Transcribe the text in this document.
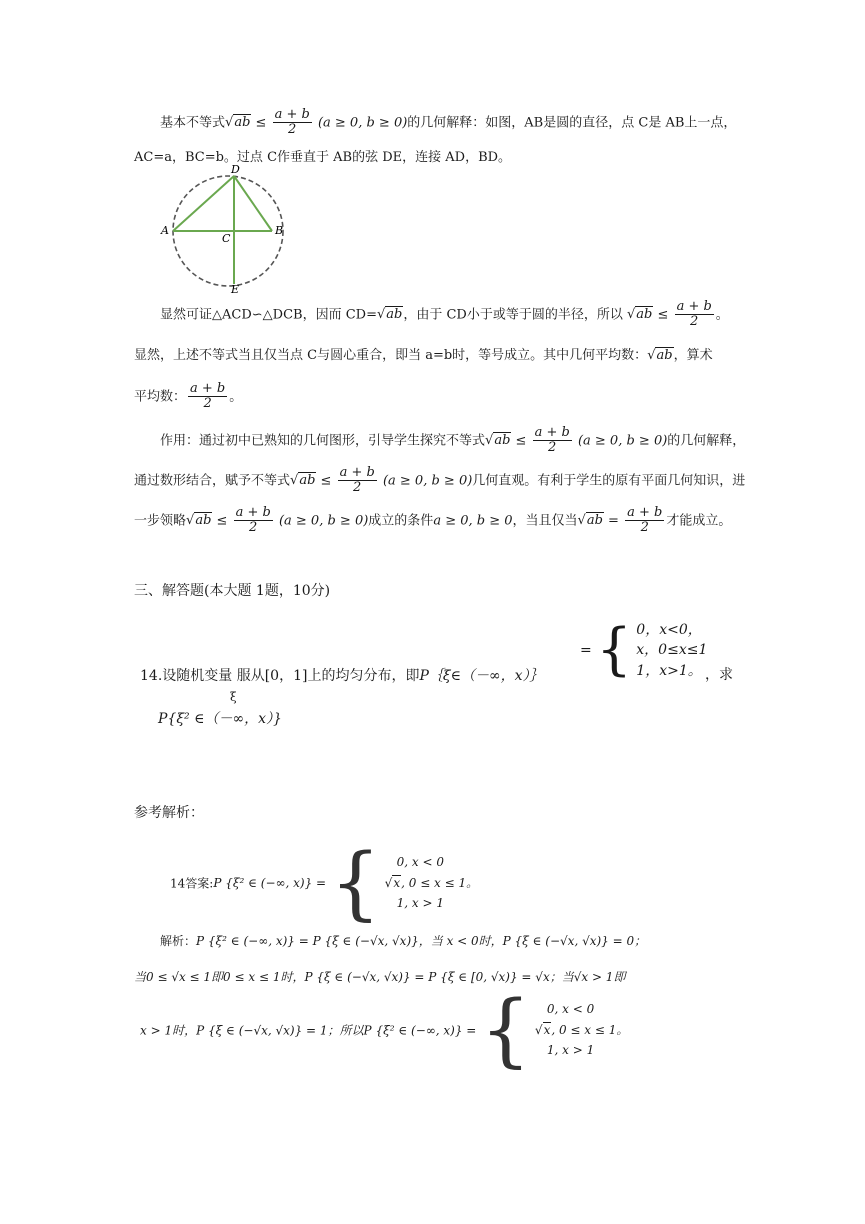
基本不等式$√ab \le \frac{a + b}{2} (a \ge 0$, b ≥ 0)的几何解释：如图，AB是圆的直径，点 C是 AB上一点，
AC=a，BC=b。过点 C作垂直于 AB的弦 DE，连接 AD，BD。
D
A	B
C
E
显然可证△ACD∽△DCB，因而 CD=√ab，由于 CD小于或等于圆的半径，所以 $√ab \le \frac{a + b}{2}$ 。
显然，上述不等式当且仅当点 C与圆心重合，即当 a=b时，等号成立。其中几何平均数：√ab，算术
平均数： $\frac{a + b}{2}$ 。
作用：通过初中已熟知的几何图形，引导学生探究不等式$√ab \le \frac{a + b}{2} (a \ge 0$, b ≥ 0)的几何解释，
通过数形结合，赋予不等式$√ab \le \frac{a + b}{2} (a \ge 0$, b ≥ 0)几何直观。有利于学生的原有平面几何知识，进
一步领略$√ab \le \frac{a + b}{2} (a \ge 0$, b ≥ 0)成立的条件a ≥ 0, b ≥ 0，当且仅当$√ab = \frac{a + b}{2}$ 才能成立。
三、解答题(本大题 1题，10分)
14.设随机变量 服从[0，1]上的均匀分布，即P｛ξ∈（－∞，x）｝
ξ
= { 0，x<0，
x，0≤x≤1
1，x>1。 ，求
P{ξ² ∈（－∞，x）}
参考解析：
14答案:P {ξ² ∈ (−∞, x)} = {	0, x < 0
√x, 0 ≤ x ≤ 1。
1, x > 1
解析：P {ξ² ∈ (−∞, x)} = P {ξ ∈ (−√x, √x)}，当 x < 0时，P {ξ ∈ (−√x, √x)} = 0；
当0 ≤ √x ≤ 1即0 ≤ x ≤ 1时，P {ξ ∈ (−√x, √x)} = P {ξ ∈ [0, √x)} = √x；当√x > 1即
x > 1时，P {ξ ∈ (−√x, √x)} = 1；所以P {ξ² ∈ (−∞, x)} = {	0, x < 0
√x, 0 ≤ x ≤ 1。
1, x > 1
